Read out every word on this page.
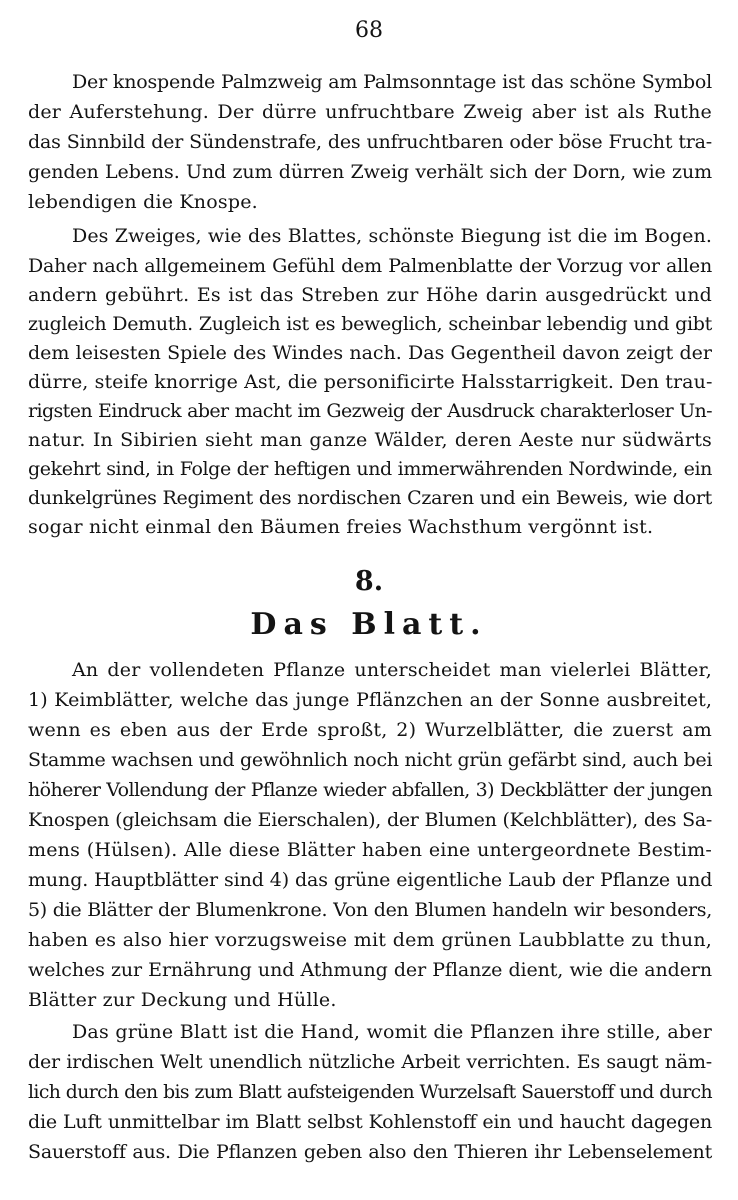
68
Der knospende Palmzweig am Palmsonntage ist das schöne Symbol
der Auferstehung. Der dürre unfruchtbare Zweig aber ist als Ruthe
das Sinnbild der Sündenstrafe, des unfruchtbaren oder böse Frucht tra-
genden Lebens. Und zum dürren Zweig verhält sich der Dorn, wie zum
lebendigen die Knospe.
Des Zweiges, wie des Blattes, schönste Biegung ist die im Bogen.
Daher nach allgemeinem Gefühl dem Palmenblatte der Vorzug vor allen
andern gebührt. Es ist das Streben zur Höhe darin ausgedrückt und
zugleich Demuth. Zugleich ist es beweglich, scheinbar lebendig und gibt
dem leisesten Spiele des Windes nach. Das Gegentheil davon zeigt der
dürre, steife knorrige Ast, die personificirte Halsstarrigkeit. Den trau-
rigsten Eindruck aber macht im Gezweig der Ausdruck charakterloser Un-
natur. In Sibirien sieht man ganze Wälder, deren Aeste nur südwärts
gekehrt sind, in Folge der heftigen und immerwährenden Nordwinde, ein
dunkelgrünes Regiment des nordischen Czaren und ein Beweis, wie dort
sogar nicht einmal den Bäumen freies Wachsthum vergönnt ist.
8.
Das Blatt.
An der vollendeten Pflanze unterscheidet man vielerlei Blätter,
1) Keimblätter, welche das junge Pflänzchen an der Sonne ausbreitet,
wenn es eben aus der Erde sproßt, 2) Wurzelblätter, die zuerst am
Stamme wachsen und gewöhnlich noch nicht grün gefärbt sind, auch bei
höherer Vollendung der Pflanze wieder abfallen, 3) Deckblätter der jungen
Knospen (gleichsam die Eierschalen), der Blumen (Kelchblätter), des Sa-
mens (Hülsen). Alle diese Blätter haben eine untergeordnete Bestim-
mung. Hauptblätter sind 4) das grüne eigentliche Laub der Pflanze und
5) die Blätter der Blumenkrone. Von den Blumen handeln wir besonders,
haben es also hier vorzugsweise mit dem grünen Laubblatte zu thun,
welches zur Ernährung und Athmung der Pflanze dient, wie die andern
Blätter zur Deckung und Hülle.
Das grüne Blatt ist die Hand, womit die Pflanzen ihre stille, aber
der irdischen Welt unendlich nützliche Arbeit verrichten. Es saugt näm-
lich durch den bis zum Blatt aufsteigenden Wurzelsaft Sauerstoff und durch
die Luft unmittelbar im Blatt selbst Kohlenstoff ein und haucht dagegen
Sauerstoff aus. Die Pflanzen geben also den Thieren ihr Lebenselement
